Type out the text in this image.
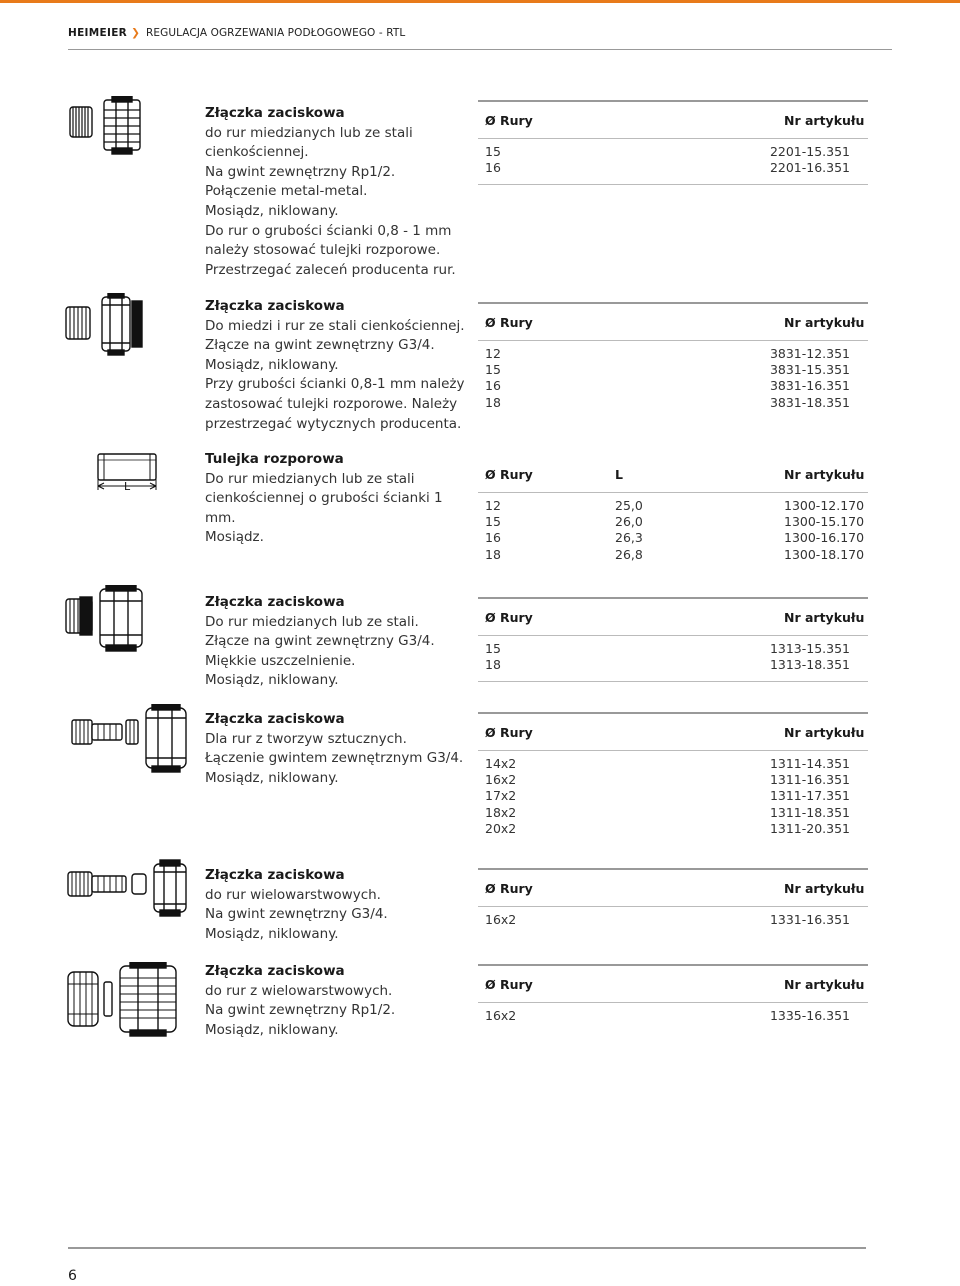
HEIMEIER ❯ REGULACJA OGRZEWANIA PODŁOGOWEGO - RTL
Złączka zaciskowa
do rur miedzianych lub ze stali
cienkościennej.
Na gwint zewnętrzny Rp1/2.
Połączenie metal-metal.
Mosiądz, niklowany.
Do rur o grubości ścianki 0,8 - 1 mm
należy stosować tulejki rozporowe.
Przestrzegać zaleceń producenta rur.
Ø Rury	Nr artykułu
15	2201-15.351
16	2201-16.351
Złączka zaciskowa
Do miedzi i rur ze stali cienkościennej.
Złącze na gwint zewnętrzny G3/4.
Mosiądz, niklowany.
Przy grubości ścianki 0,8-1 mm należy
zastosować tulejki rozporowe. Należy
przestrzegać wytycznych producenta.
Ø Rury	Nr artykułu
12	3831-12.351
15	3831-15.351
16	3831-16.351
18	3831-18.351
L
Tulejka rozporowa
Do rur miedzianych lub ze stali
cienkościennej o grubości ścianki 1 mm.
Mosiądz.
Ø Rury	L	Nr artykułu
12	25,0	1300-12.170
15	26,0	1300-15.170
16	26,3	1300-16.170
18	26,8	1300-18.170
Złączka zaciskowa
Do rur miedzianych lub ze stali.
Złącze na gwint zewnętrzny G3/4.
Miękkie uszczelnienie.
Mosiądz, niklowany.
Ø Rury	Nr artykułu
15	1313-15.351
18	1313-18.351
Złączka zaciskowa
Dla rur z tworzyw sztucznych.
Łączenie gwintem zewnętrznym G3/4.
Mosiądz, niklowany.
Ø Rury	Nr artykułu
14x2	1311-14.351
16x2	1311-16.351
17x2	1311-17.351
18x2	1311-18.351
20x2	1311-20.351
Złączka zaciskowa
do rur wielowarstwowych.
Na gwint zewnętrzny G3/4.
Mosiądz, niklowany.
Ø Rury	Nr artykułu
16x2	1331-16.351
Złączka zaciskowa
do rur z wielowarstwowych.
Na gwint zewnętrzny Rp1/2.
Mosiądz, niklowany.
Ø Rury	Nr artykułu
16x2	1335-16.351
6
